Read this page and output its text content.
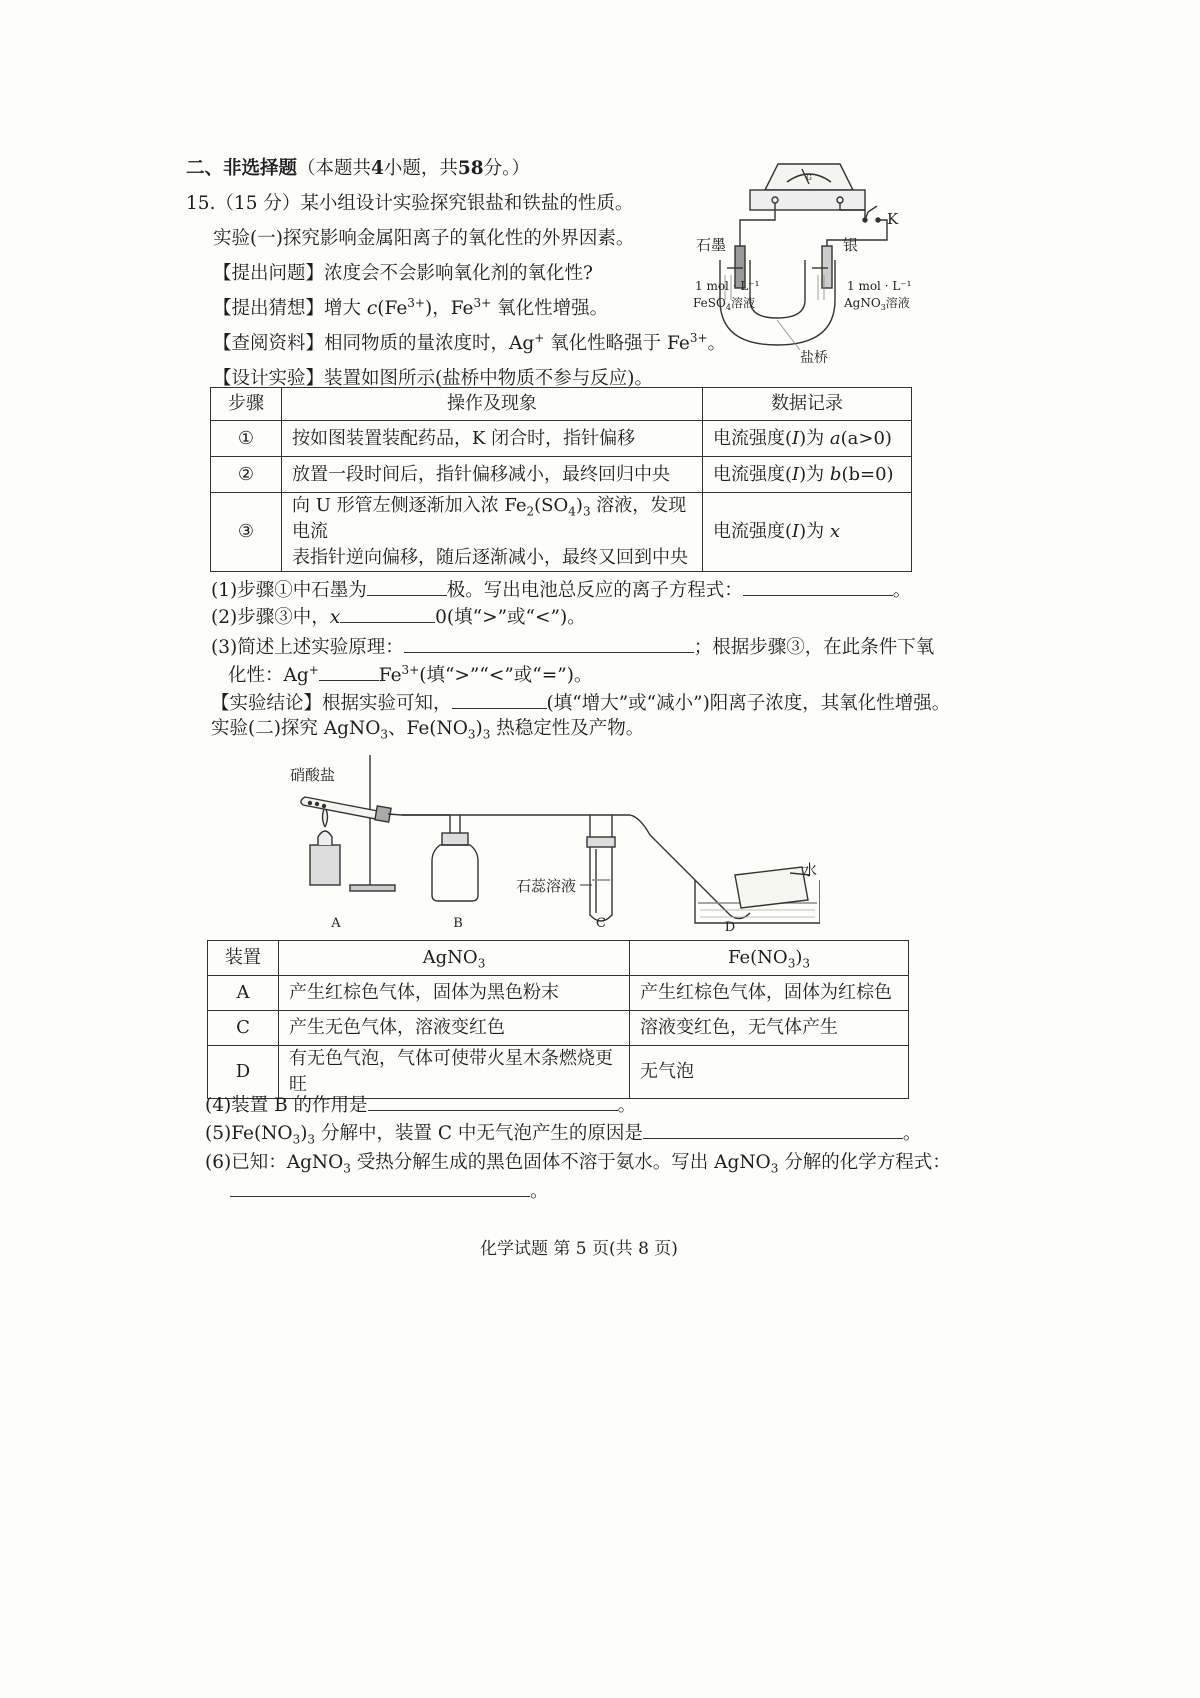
二、非选择题（本题共4小题，共58分。）
15.（15 分）某小组设计实验探究银盐和铁盐的性质。
实验(一)探究影响金属阳离子的氧化性的外界因素。
【提出问题】浓度会不会影响氧化剂的氧化性?
【提出猜想】增大 $c(Fe^{3+})$，$Fe^{3+}$ 氧化性增强。
【查阅资料】相同物质的量浓度时，Ag+ 氧化性略强于 $Fe^{3+}$。
【设计实验】装置如图所示(盐桥中物质不参与反应)。
G
K
石墨	银
1 mol · L⁻¹
FeSO$_4$溶液
1 mol · L⁻¹
AgNO$_3$溶液
盐桥
步骤	操作及现象	数据记录
①	按如图装置装配药品，K 闭合时，指针偏移	电流强度(I)为 a(a>0)
②	放置一段时间后，指针偏移减小，最终回归中央	电流强度(I)为 b(b=0)
③	向 U 形管左侧逐渐加入浓 $Fe_2(SO_4)_3$ 溶液，发现电流
表指针逆向偏移，随后逐渐减小，最终又回到中央	电流强度(I)为 x
(1)步骤①中石墨为	极。写出电池总反应的离子方程式：	。
(2)步骤③中，x	0(填“>”或“<”)。
(3)简述上述实验原理：	；根据步骤③，在此条件下氧
化性：Ag+	$Fe^{3+}$(填“>”“<”或“=”)。
【实验结论】根据实验可知，	(填“增大”或“减小”)阳离子浓度，其氧化性增强。
实验(二)探究 AgNO$_3$、$Fe(NO_3)_3$ 热稳定性及产物。
硝酸盐
石蕊溶液
水
A	B	C	D
装置	AgNO$_3$	$Fe(NO_3)_3$
A	产生红棕色气体，固体为黑色粉末	产生红棕色气体，固体为红棕色
C	产生无色气体，溶液变红色	溶液变红色，无气体产生
D	有无色气泡，气体可使带火星木条燃烧更旺	无气泡
(4)装置 B 的作用是	。
$(5)Fe(NO_3)_3$ 分解中，装置 C 中无气泡产生的原因是	。
(6)已知：AgNO$_3$ 受热分解生成的黑色固体不溶于氨水。写出 AgNO$_3$ 分解的化学方程式：
。
化学试题 第 5 页(共 8 页)
